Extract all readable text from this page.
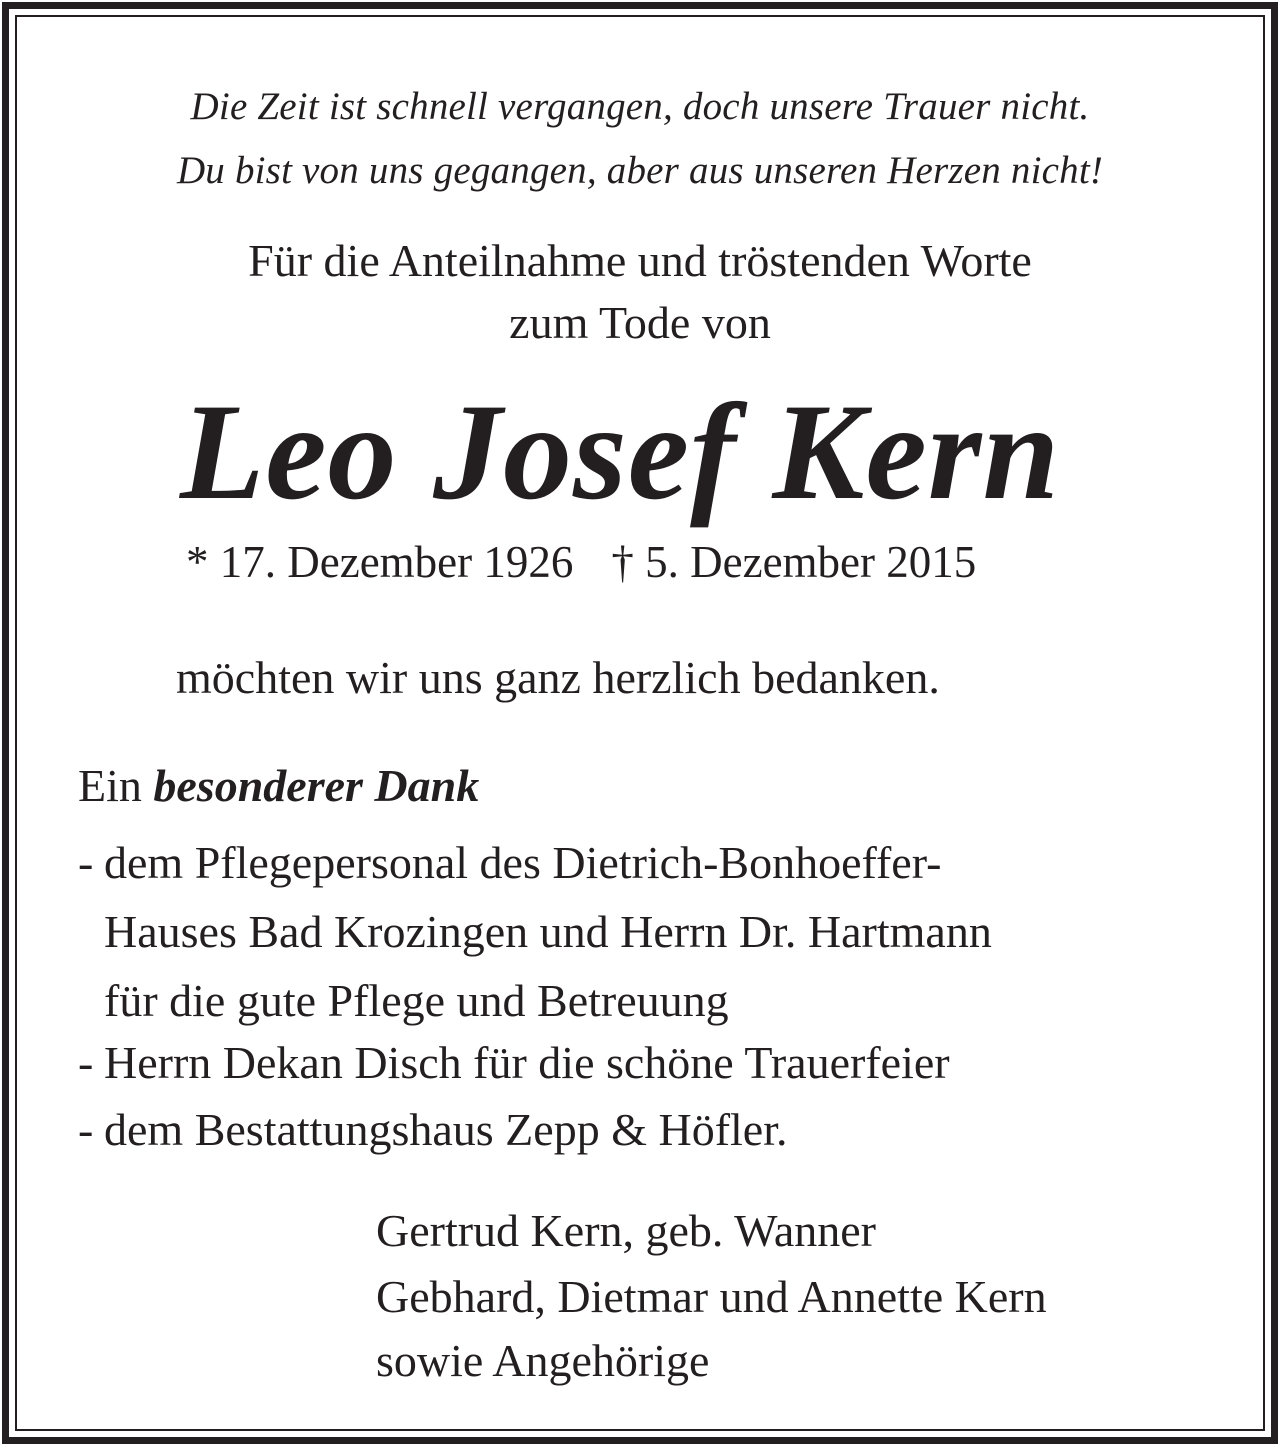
Die Zeit ist schnell vergangen, doch unsere Trauer nicht.
Du bist von uns gegangen, aber aus unseren Herzen nicht!
Für die Anteilnahme und tröstenden Worte
zum Tode von
Leo Josef Kern
* 17. Dezember 1926 † 5. Dezember 2015
möchten wir uns ganz herzlich bedanken.
Ein besonderer Dank
- dem Pflegepersonal des Dietrich-Bonhoeffer-
Hauses Bad Krozingen und Herrn Dr. Hartmann
für die gute Pflege und Betreuung
- Herrn Dekan Disch für die schöne Trauerfeier
- dem Bestattungshaus Zepp & Höfler.
Gertrud Kern, geb. Wanner
Gebhard, Dietmar und Annette Kern
sowie Angehörige
